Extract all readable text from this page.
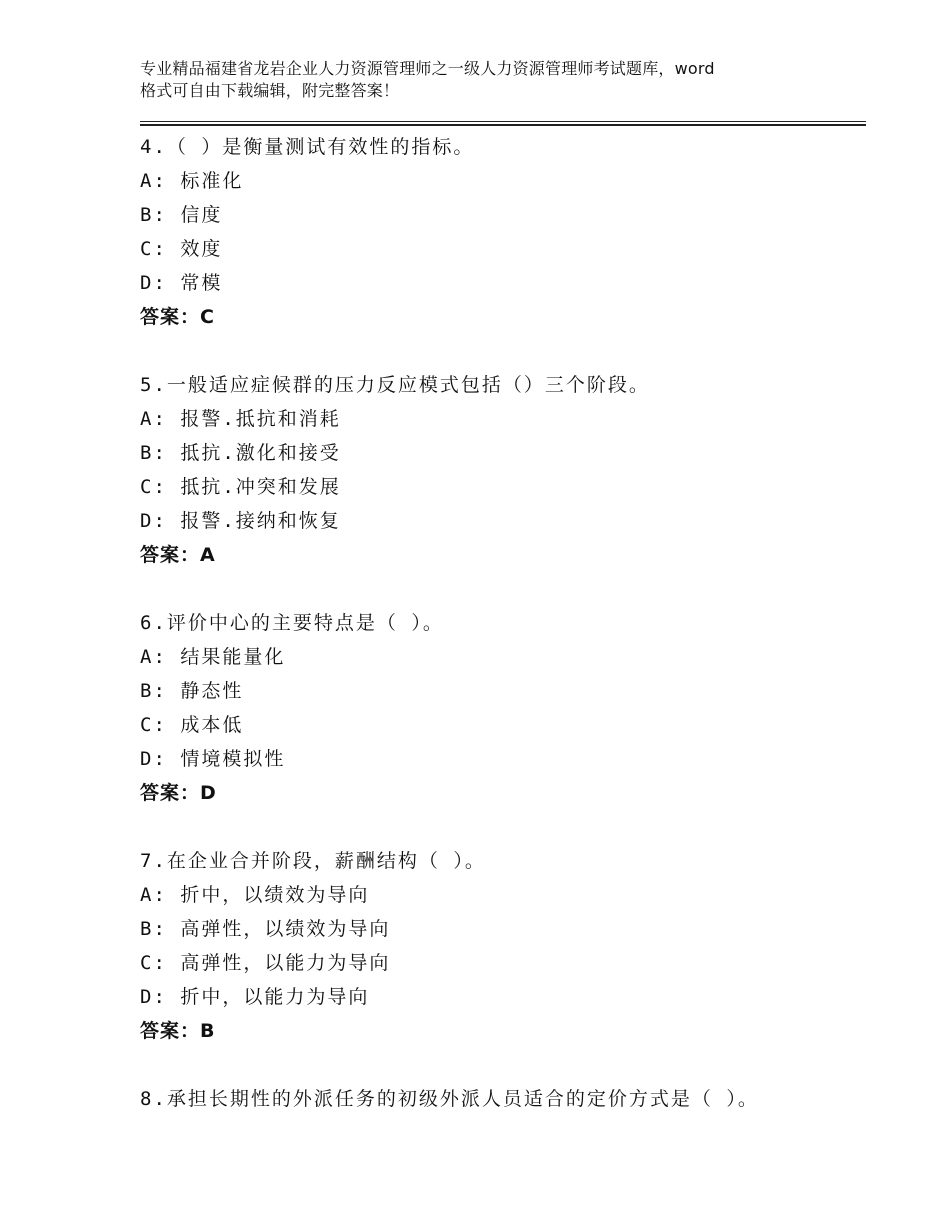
专业精品福建省龙岩企业人力资源管理师之一级人力资源管理师考试题库，word
格式可自由下载编辑，附完整答案！
4.（ ）是衡量测试有效性的指标。
A: 标准化
B: 信度
C: 效度
D: 常模
答案：C
5.一般适应症候群的压力反应模式包括（）三个阶段。
A: 报警.抵抗和消耗
B: 抵抗.激化和接受
C: 抵抗.冲突和发展
D: 报警.接纳和恢复
答案：A
6.评价中心的主要特点是（ ）。
A: 结果能量化
B: 静态性
C: 成本低
D: 情境模拟性
答案：D
7.在企业合并阶段，薪酬结构（ ）。
A: 折中，以绩效为导向
B: 高弹性，以绩效为导向
C: 高弹性，以能力为导向
D: 折中，以能力为导向
答案：B
8.承担长期性的外派任务的初级外派人员适合的定价方式是（ ）。
